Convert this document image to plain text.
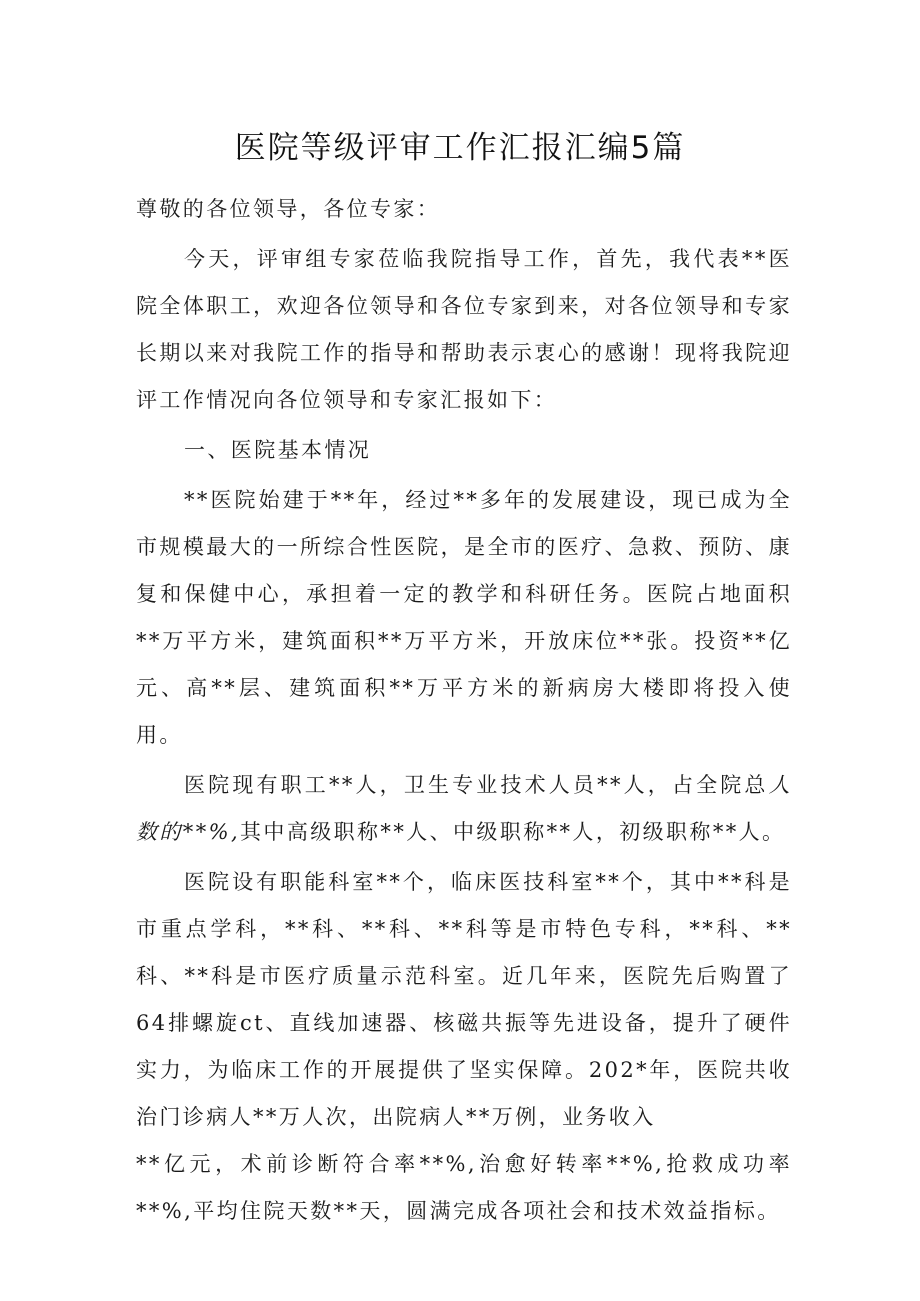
医院等级评审工作汇报汇编5篇

尊敬的各位领导，各位专家：

今天，评审组专家莅临我院指导工作，首先，我代表**医院全体职工，欢迎各位领导和各位专家到来，对各位领导和专家长期以来对我院工作的指导和帮助表示衷心的感谢！现将我院迎评工作情况向各位领导和专家汇报如下：

一、医院基本情况

**医院始建于**年，经过**多年的发展建设，现已成为全市规模最大的一所综合性医院，是全市的医疗、急救、预防、康复和保健中心，承担着一定的教学和科研任务。医院占地面积**万平方米，建筑面积**万平方米，开放床位**张。投资**亿元、高**层、建筑面积**万平方米的新病房大楼即将投入使用。

医院现有职工**人，卫生专业技术人员**人，占全院总人数的**%,其中高级职称**人、中级职称**人，初级职称**人。

医院设有职能科室**个，临床医技科室**个，其中**科是市重点学科，**科、**科、**科等是市特色专科，**科、**科、**科是市医疗质量示范科室。近几年来，医院先后购置了64排螺旋ct、直线加速器、核磁共振等先进设备，提升了硬件实力，为临床工作的开展提供了坚实保障。202*年，医院共收治门诊病人**万人次，出院病人**万例，业务收入

**亿元，术前诊断符合率**%,治愈好转率**%,抢救成功率**%,平均住院天数**天，圆满完成各项社会和技术效益指标。
